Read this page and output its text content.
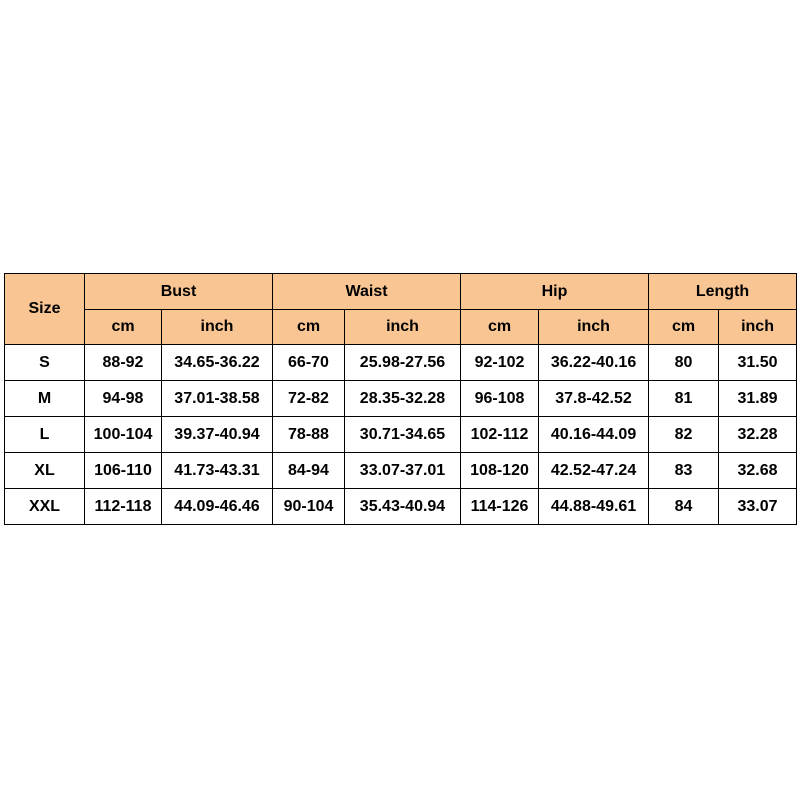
Size	Bust		Waist		Hip		Length	
	cm	inch	cm	inch	cm	inch	cm	inch
S	88-92	34.65-36.22	66-70	25.98-27.56	92-102	36.22-40.16	80	31.50
M	94-98	37.01-38.58	72-82	28.35-32.28	96-108	37.8-42.52	81	31.89
L	100-104	39.37-40.94	78-88	30.71-34.65	102-112	40.16-44.09	82	32.28
XL	106-110	41.73-43.31	84-94	33.07-37.01	108-120	42.52-47.24	83	32.68
XXL	112-118	44.09-46.46	90-104	35.43-40.94	114-126	44.88-49.61	84	33.07
